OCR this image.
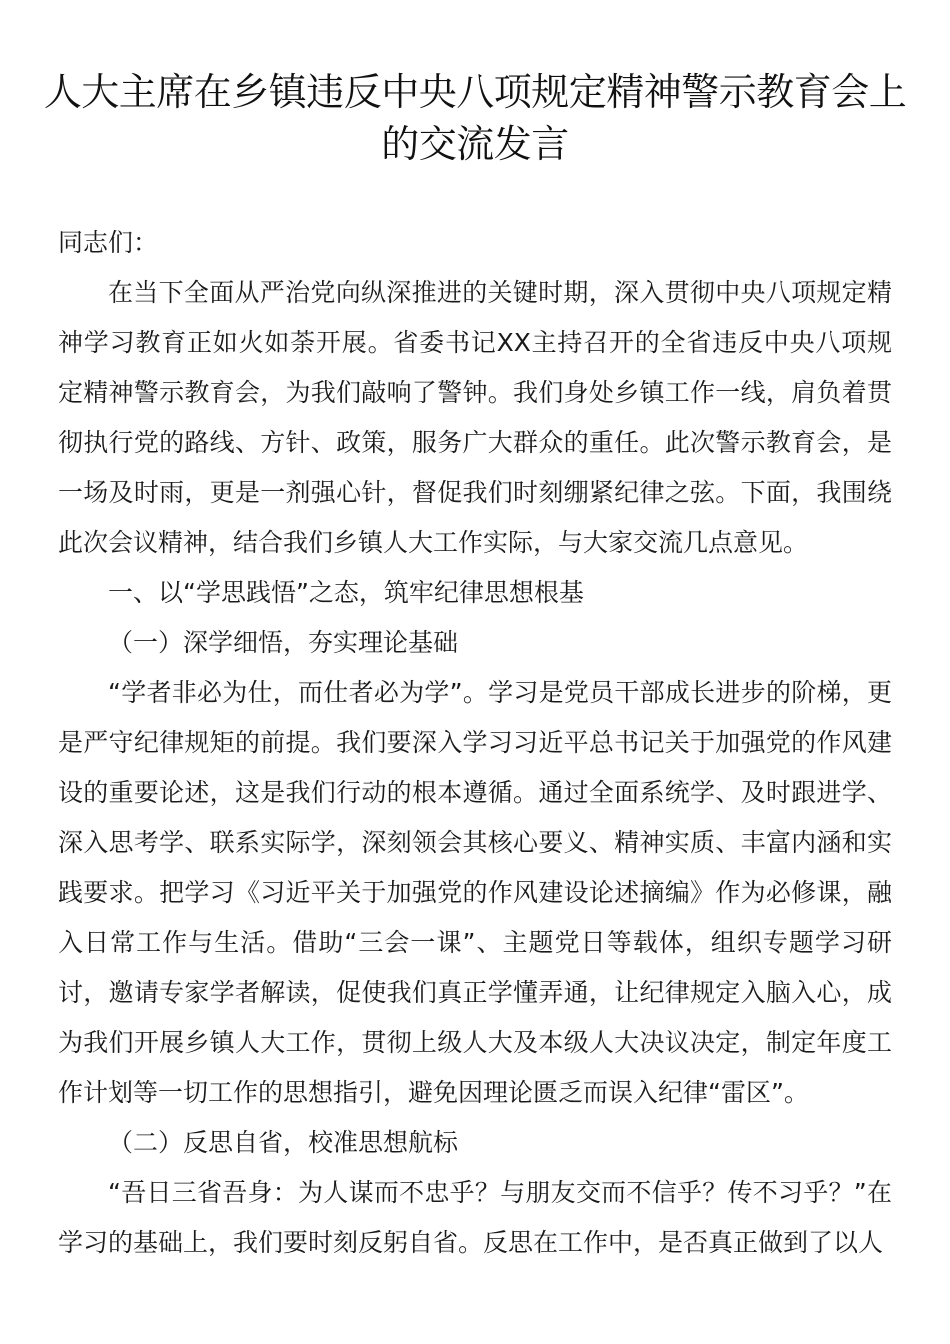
人大主席在乡镇违反中央八项规定精神警示教育会上的交流发言

同志们：

在当下全面从严治党向纵深推进的关键时期，深入贯彻中央八项规定精神学习教育正如火如荼开展。省委书记XX主持召开的全省违反中央八项规定精神警示教育会，为我们敲响了警钟。我们身处乡镇工作一线，肩负着贯彻执行党的路线、方针、政策，服务广大群众的重任。此次警示教育会，是一场及时雨，更是一剂强心针，督促我们时刻绷紧纪律之弦。下面，我围绕此次会议精神，结合我们乡镇人大工作实际，与大家交流几点意见。

一、以“学思践悟”之态，筑牢纪律思想根基

（一）深学细悟，夯实理论基础

“学者非必为仕，而仕者必为学”。学习是党员干部成长进步的阶梯，更是严守纪律规矩的前提。我们要深入学习习近平总书记关于加强党的作风建设的重要论述，这是我们行动的根本遵循。通过全面系统学、及时跟进学、深入思考学、联系实际学，深刻领会其核心要义、精神实质、丰富内涵和实践要求。把学习《习近平关于加强党的作风建设论述摘编》作为必修课，融入日常工作与生活。借助“三会一课”、主题党日等载体，组织专题学习研讨，邀请专家学者解读，促使我们真正学懂弄通，让纪律规定入脑入心，成为我们开展乡镇人大工作，贯彻上级人大及本级人大决议决定，制定年度工作计划等一切工作的思想指引，避免因理论匮乏而误入纪律“雷区”。

（二）反思自省，校准思想航标

“吾日三省吾身：为人谋而不忠乎？与朋友交而不信乎？传不习乎？”在学习的基础上，我们要时刻反躬自省。反思在工作中，是否真正做到了以人
